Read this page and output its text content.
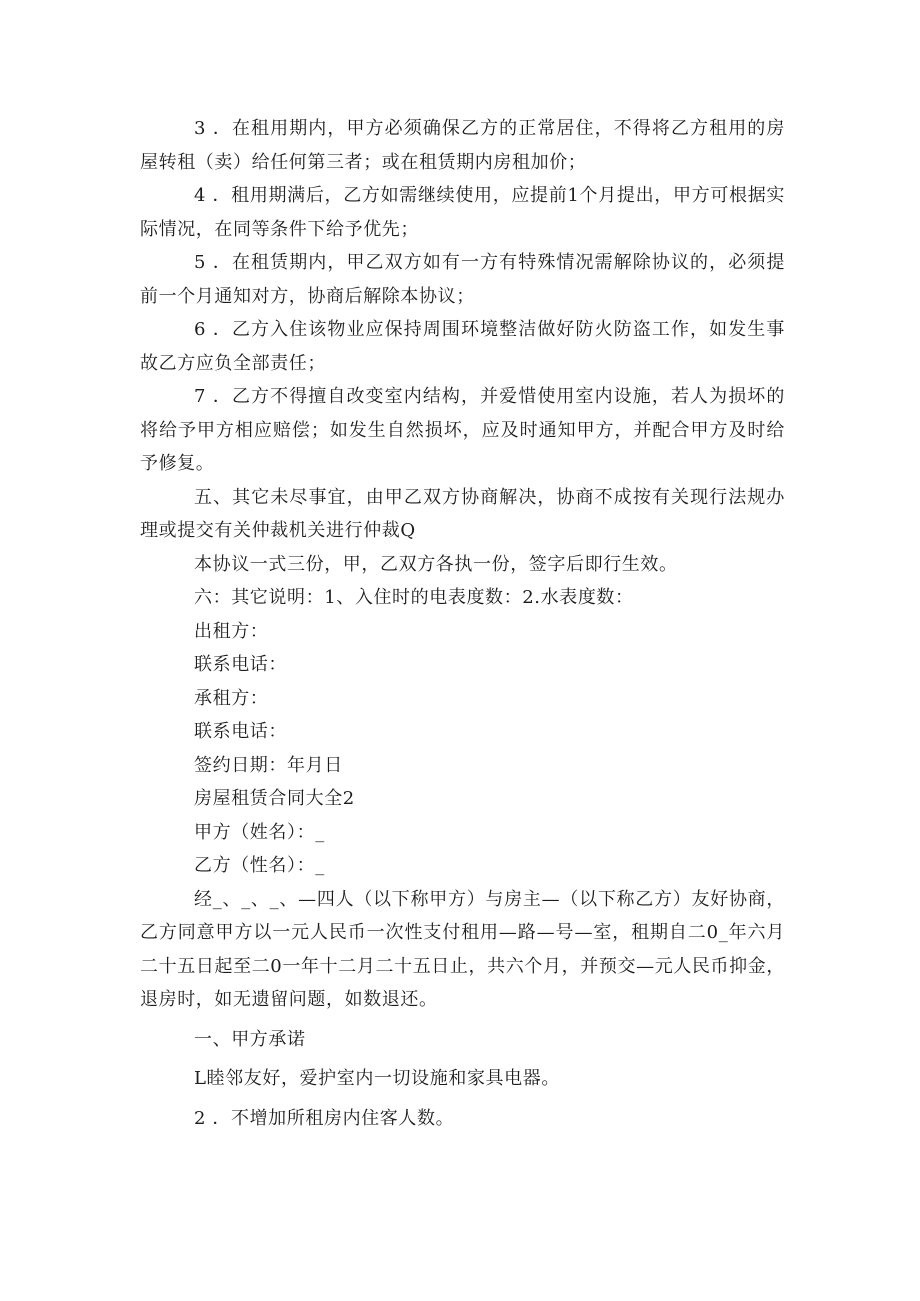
3 ．在租用期内，甲方必须确保乙方的正常居住，不得将乙方租用的房屋转租（卖）给任何第三者；或在租赁期内房租加价；

4 ．租用期满后，乙方如需继续使用，应提前1个月提出，甲方可根据实际情况，在同等条件下给予优先；

5 ．在租赁期内，甲乙双方如有一方有特殊情况需解除协议的，必须提前一个月通知对方，协商后解除本协议；

6 ．乙方入住该物业应保持周围环境整洁做好防火防盗工作，如发生事故乙方应负全部责任；

7 ．乙方不得擅自改变室内结构，并爱惜使用室内设施，若人为损坏的将给予甲方相应赔偿；如发生自然损坏，应及时通知甲方，并配合甲方及时给予修复。

五、其它未尽事宜，由甲乙双方协商解决，协商不成按有关现行法规办理或提交有关仲裁机关进行仲裁Q

本协议一式三份，甲，乙双方各执一份，签字后即行生效。

六：其它说明：1、入住时的电表度数：2.水表度数：

出租方：

联系电话：

承租方：

联系电话：

签约日期：年月日

房屋租赁合同大全2

甲方（姓名）：_

乙方（性名）：_

经_、_、_、—四人（以下称甲方）与房主—（以下称乙方）友好协商，乙方同意甲方以一元人民币一次性支付租用—路—号—室，租期自二0_年六月二十五日起至二0一年十二月二十五日止，共六个月，并预交—元人民币抑金，退房时，如无遗留问题，如数退还。

一、甲方承诺

L睦邻友好，爱护室内一切设施和家具电器。

2 ．不增加所租房内住客人数。
